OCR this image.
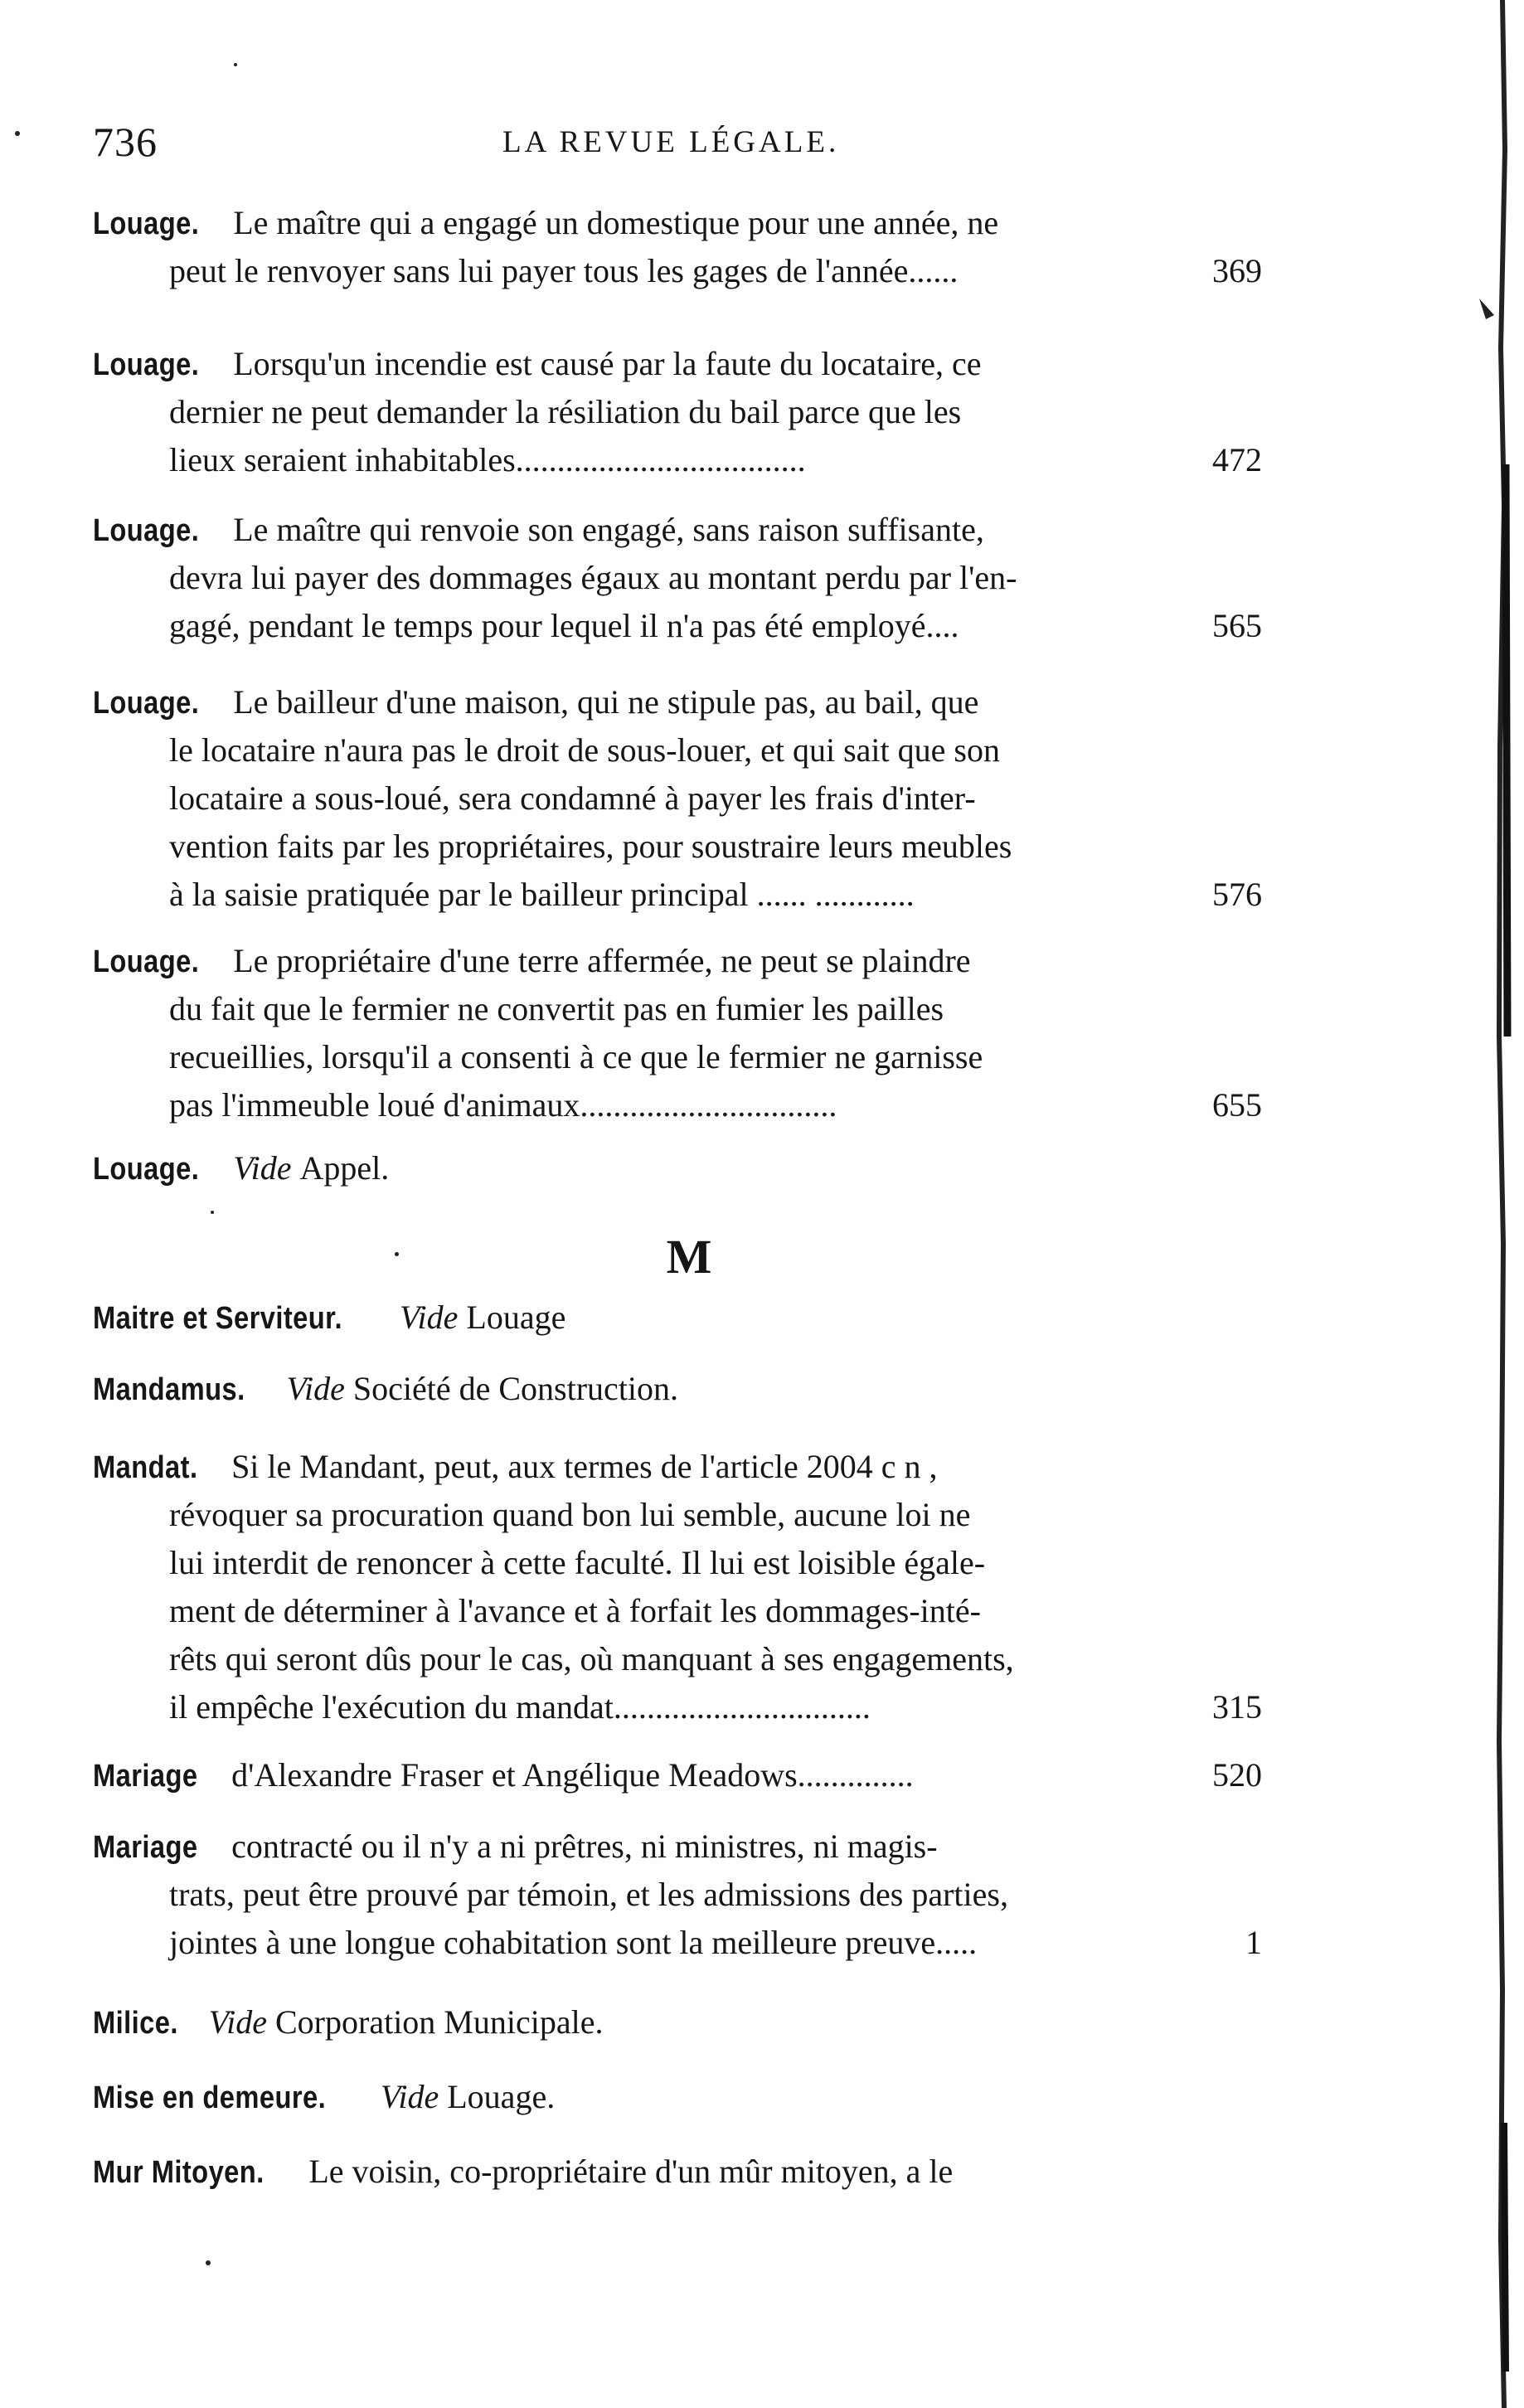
736	LA REVUE LÉGALE.
M
Louage. Le maître qui a engagé un domestique pour une année, ne
peut le renvoyer sans lui payer tous les gages de l'année......	369
Louage. Lorsqu'un incendie est causé par la faute du locataire, ce
dernier ne peut demander la résiliation du bail parce que les
lieux seraient inhabitables...................................	472
Louage. Le maître qui renvoie son engagé, sans raison suffisante,
devra lui payer des dommages égaux au montant perdu par l'en-
gagé, pendant le temps pour lequel il n'a pas été employé....	565
Louage. Le bailleur d'une maison, qui ne stipule pas, au bail, que
le locataire n'aura pas le droit de sous-louer, et qui sait que son
locataire a sous-loué, sera condamné à payer les frais d'inter-
vention faits par les propriétaires, pour soustraire leurs meubles
à la saisie pratiquée par le bailleur principal ...... ............	576
Louage. Le propriétaire d'une terre affermée, ne peut se plaindre
du fait que le fermier ne convertit pas en fumier les pailles
recueillies, lorsqu'il a consenti à ce que le fermier ne garnisse
pas l'immeuble loué d'animaux...............................	655
Louage. Vide Appel.
Maitre et Serviteur. Vide Louage
Mandamus. Vide Société de Construction.
Mandat. Si le Mandant, peut, aux termes de l'article 2004 c n ,
révoquer sa procuration quand bon lui semble, aucune loi ne
lui interdit de renoncer à cette faculté. Il lui est loisible égale-
ment de déterminer à l'avance et à forfait les dommages-inté-
rêts qui seront dûs pour le cas, où manquant à ses engagements,
il empêche l'exécution du mandat...............................	315
Mariage d'Alexandre Fraser et Angélique Meadows..............	520
Mariage contracté ou il n'y a ni prêtres, ni ministres, ni magis-
trats, peut être prouvé par témoin, et les admissions des parties,
jointes à une longue cohabitation sont la meilleure preuve.....	1
Milice. Vide Corporation Municipale.
Mise en demeure. Vide Louage.
Mur Mitoyen. Le voisin, co-propriétaire d'un mûr mitoyen, a le
